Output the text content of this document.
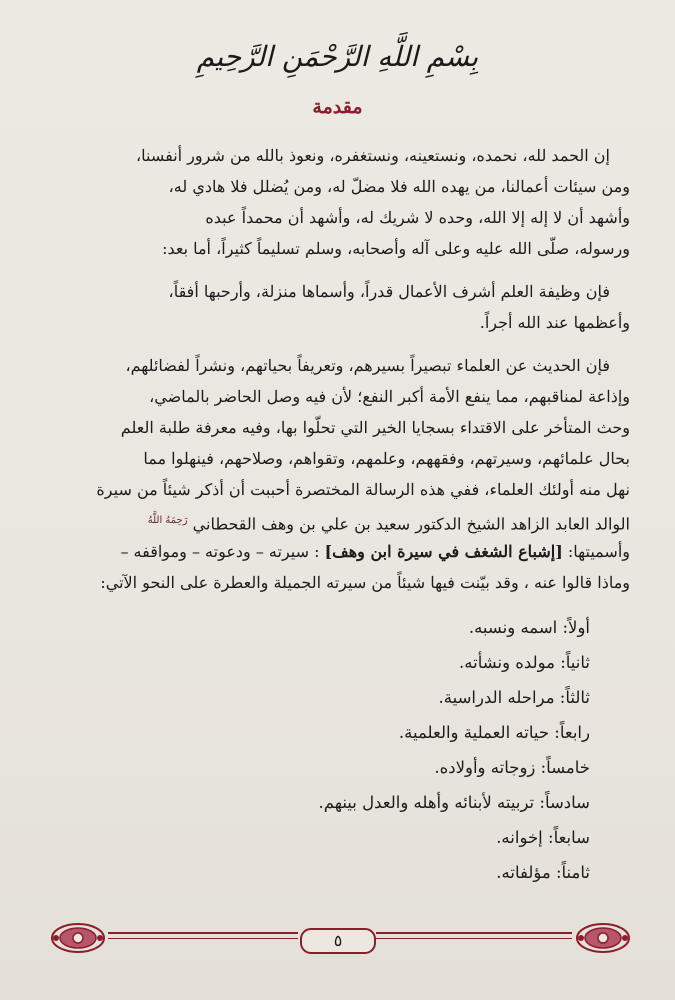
بِسْمِ اللَّهِ الرَّحْمَنِ الرَّحِيمِ
مقدمة

إن الحمد لله، نحمده، ونستعينه، ونستغفره، ونعوذ بالله من شرور أنفسنا،
ومن سيئات أعمالنا، من يهده الله فلا مضلّ له، ومن يُضلل فلا هادي له،
وأشهد أن لا إله إلا الله، وحده لا شريك له، وأشهد أن محمداً عبده
ورسوله، صلّى الله عليه وعلى آله وأصحابه، وسلم تسليماً كثيراً، أما بعد:

فإن وظيفة العلم أشرف الأعمال قدراً، وأسماها منزلة، وأرحبها أفقاً،
وأعظمها عند الله أجراً.

فإن الحديث عن العلماء تبصيراً بسيرهم، وتعريفاً بحياتهم، ونشراً لفضائلهم،
وإذاعة لمناقبهم، مما ينفع الأمة أكبر النفع؛ لأن فيه وصل الحاضر بالماضي،
وحث المتأخر على الاقتداء بسجايا الخير التي تحلّوا بها، وفيه معرفة طلبة العلم
بحال علمائهم، وسيرتهم، وفقههم، وعلمهم، وتقواهم، وصلاحهم، فينهلوا مما
نهل منه أولئك العلماء، ففي هذه الرسالة المختصرة أحببت أن أذكر شيئاً من سيرة
الوالد العابد الزاهد الشيخ الدكتور سعيد بن علي بن وهف القحطاني $^{رَحِمَهُ اللَّهُ}$
وأسميتها: [إشباع الشغف في سيرة ابن وهف] : سيرته – ودعوته – ومواقفه –
وماذا قالوا عنه ، وقد بيّنت فيها شيئاً من سيرته الجميلة والعطرة على النحو الآتي:

أولاً: اسمه ونسبه.
ثانياً: مولده ونشأته.
ثالثاً: مراحله الدراسية.
رابعاً: حياته العملية والعلمية.
خامساً: زوجاته وأولاده.
سادساً: تربيته لأبنائه وأهله والعدل بينهم.
سابعاً: إخوانه.
ثامناً: مؤلفاته.
٥
